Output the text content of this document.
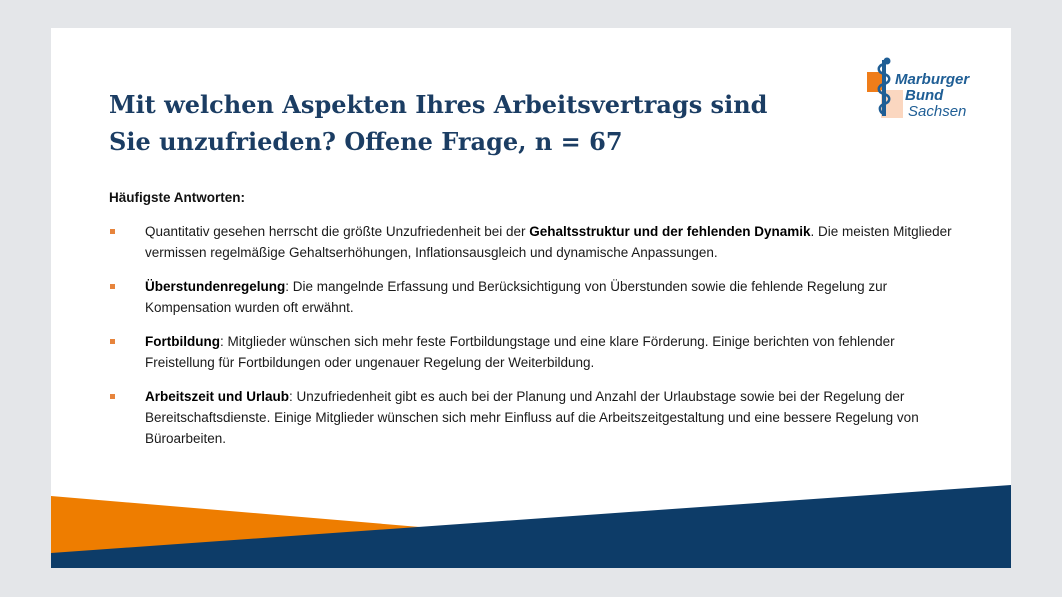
Mit welchen Aspekten Ihres Arbeitsvertrags sind
Sie unzufrieden? Offene Frage, n = 67
Marburger
Bund
Sachsen

Häufigste Antworten:

Quantitativ gesehen herrscht die größte Unzufriedenheit bei der Gehaltsstruktur und der fehlenden Dynamik. Die meisten Mitglieder vermissen regelmäßige Gehaltserhöhungen, Inflationsausgleich und dynamische Anpassungen.
Überstundenregelung: Die mangelnde Erfassung und Berücksichtigung von Überstunden sowie die fehlende Regelung zur Kompensation wurden oft erwähnt.
Fortbildung: Mitglieder wünschen sich mehr feste Fortbildungstage und eine klare Förderung. Einige berichten von fehlender Freistellung für Fortbildungen oder ungenauer Regelung der Weiterbildung.
Arbeitszeit und Urlaub: Unzufriedenheit gibt es auch bei der Planung und Anzahl der Urlaubstage sowie bei der Regelung der Bereitschaftsdienste. Einige Mitglieder wünschen sich mehr Einfluss auf die Arbeitszeitgestaltung und eine bessere Regelung von Büroarbeiten.
